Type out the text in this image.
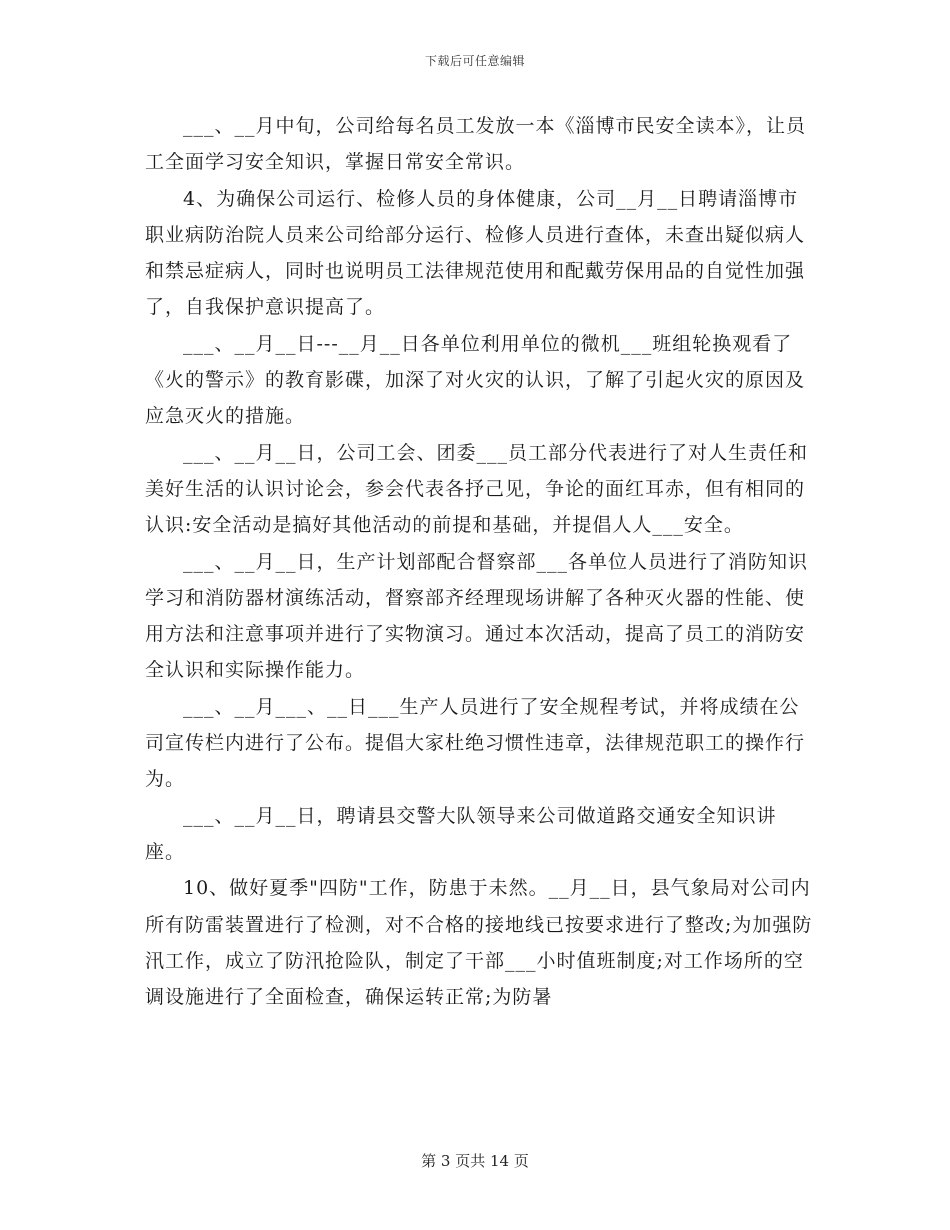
下载后可任意编辑

___、__月中旬，公司给每名员工发放一本《淄博市民安全读本》，让员工全面学习安全知识，掌握日常安全常识。

4、为确保公司运行、检修人员的身体健康，公司__月__日聘请淄博市职业病防治院人员来公司给部分运行、检修人员进行查体，未查出疑似病人和禁忌症病人，同时也说明员工法律规范使用和配戴劳保用品的自觉性加强了，自我保护意识提高了。

___、__月__日---__月__日各单位利用单位的微机___班组轮换观看了《火的警示》的教育影碟，加深了对火灾的认识，了解了引起火灾的原因及应急灭火的措施。

___、__月__日，公司工会、团委___员工部分代表进行了对人生责任和美好生活的认识讨论会，参会代表各抒己见，争论的面红耳赤，但有相同的认识:安全活动是搞好其他活动的前提和基础，并提倡人人___安全。

___、__月__日，生产计划部配合督察部___各单位人员进行了消防知识学习和消防器材演练活动，督察部齐经理现场讲解了各种灭火器的性能、使用方法和注意事项并进行了实物演习。通过本次活动，提高了员工的消防安全认识和实际操作能力。

___、__月___、__日___生产人员进行了安全规程考试，并将成绩在公司宣传栏内进行了公布。提倡大家杜绝习惯性违章，法律规范职工的操作行为。

___、__月__日，聘请县交警大队领导来公司做道路交通安全知识讲座。

10、做好夏季"四防"工作，防患于未然。__月__日，县气象局对公司内所有防雷装置进行了检测，对不合格的接地线已按要求进行了整改;为加强防汛工作，成立了防汛抢险队，制定了干部___小时值班制度;对工作场所的空调设施进行了全面检查，确保运转正常;为防暑

第 3 页共 14 页
